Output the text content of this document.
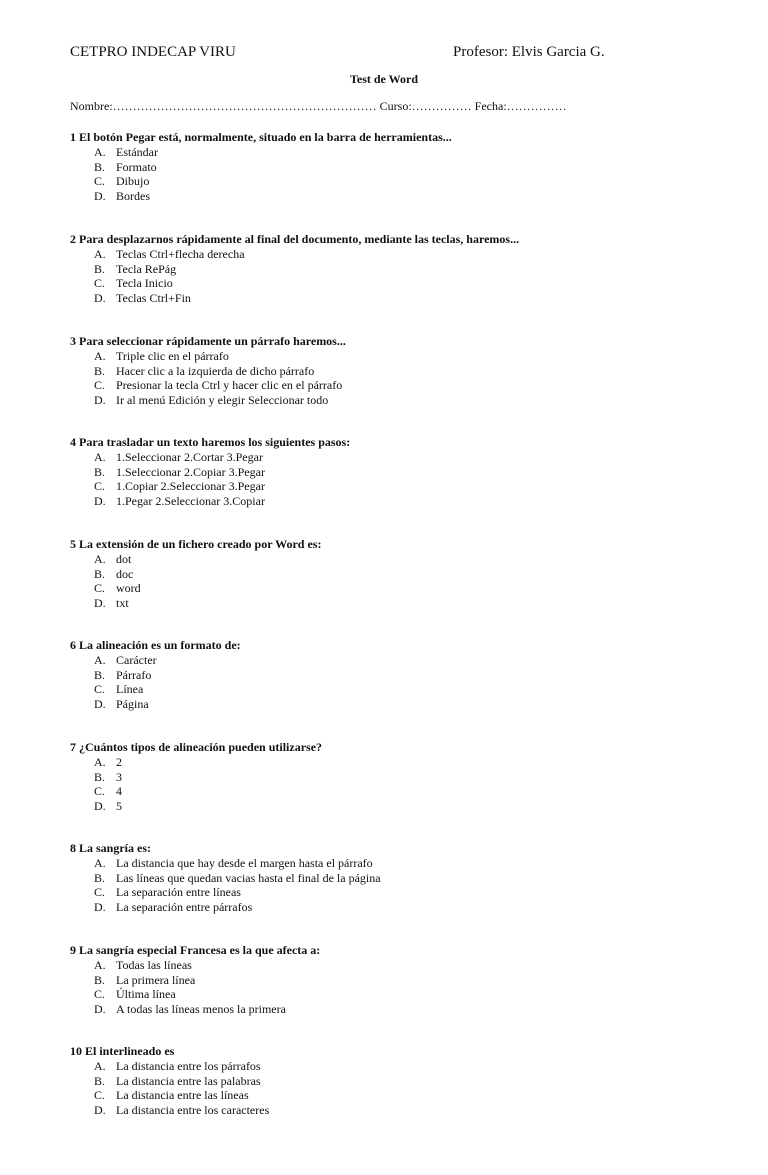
CETPRO INDECAP VIRU	Profesor: Elvis Garcia G.
Test de Word
Nombre:………………………………………………………… Curso:…………… Fecha:……………

1 El botón Pegar está, normalmente, situado en la barra de herramientas...

A. Estándar
B. Formato
C. Dibujo
D. Bordes

2 Para desplazarnos rápidamente al final del documento, mediante las teclas, haremos...

A. Teclas Ctrl+flecha derecha
B. Tecla RePág
C. Tecla Inicio
D. Teclas Ctrl+Fin

3 Para seleccionar rápidamente un párrafo haremos...

A. Triple clic en el párrafo
B. Hacer clic a la izquierda de dicho párrafo
C. Presionar la tecla Ctrl y hacer clic en el párrafo
D. Ir al menú Edición y elegir Seleccionar todo

4 Para trasladar un texto haremos los siguientes pasos:

A. 1.Seleccionar 2.Cortar 3.Pegar
B. 1.Seleccionar 2.Copiar 3.Pegar
C. 1.Copiar 2.Seleccionar 3.Pegar
D. 1.Pegar 2.Seleccionar 3.Copiar

5 La extensión de un fichero creado por Word es:

A. dot
B. doc
C. word
D. txt

6 La alineación es un formato de:

A. Carácter
B. Párrafo
C. Línea
D. Página

7 ¿Cuántos tipos de alineación pueden utilizarse?

A. 2
B. 3
C. 4
D. 5

8 La sangría es:

A. La distancia que hay desde el margen hasta el párrafo
B. Las líneas que quedan vacias hasta el final de la página
C. La separación entre líneas
D. La separación entre párrafos

9 La sangría especial Francesa es la que afecta a:

A. Todas las líneas
B. La primera línea
C. Última línea
D. A todas las líneas menos la primera

10 El interlineado es

A. La distancia entre los párrafos
B. La distancia entre las palabras
C. La distancia entre las líneas
D. La distancia entre los caracteres
